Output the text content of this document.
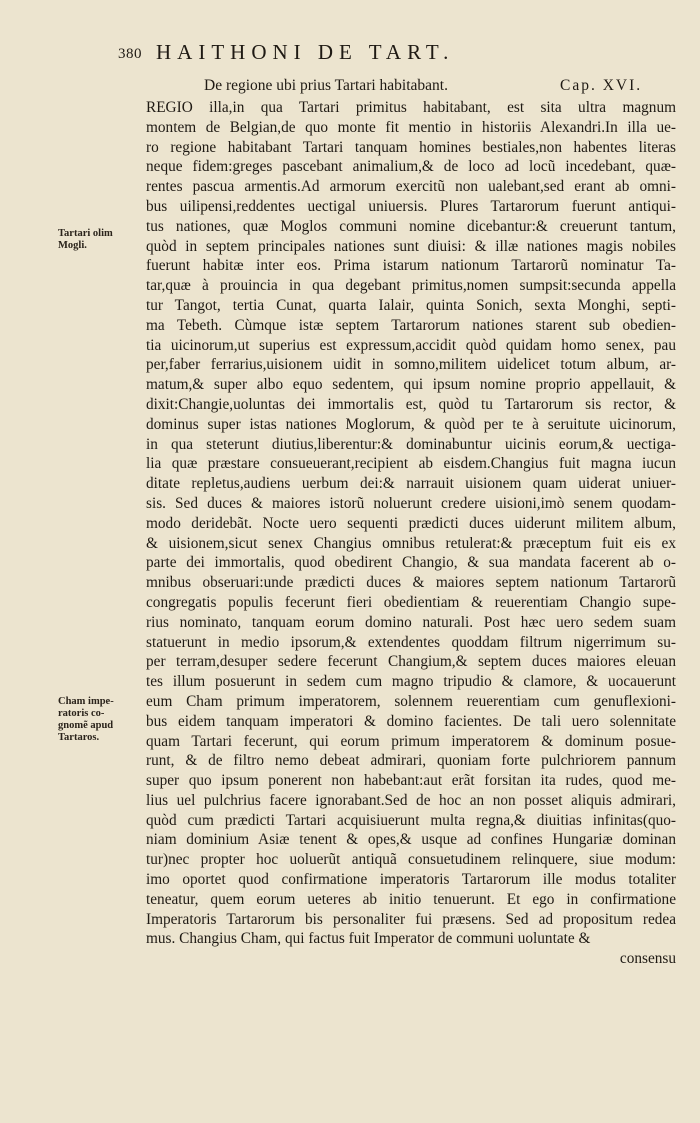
380 HAITHONI DE TART.
De regione ubi prius Tartari habitabant.	Cap. XVI.
Tartari olim
Mogli.
Cham impe-
ratoris co-
gnomẽ apud
Tartaros.
REGIO illa,in qua Tartari primitus habitabant, est sita ultra magnum
montem de Belgian,de quo monte fit mentio in historiis Alexandri.In illa ue-
ro regione habitabant Tartari tanquam homines bestiales,non habentes literas
neque fidem:greges pascebant animalium,& de loco ad locũ incedebant, quæ-
rentes pascua armentis.Ad armorum exercitũ non ualebant,sed erant ab omni-
bus uilipensi,reddentes uectigal uniuersis. Plures Tartarorum fuerunt antiqui-
tus nationes, quæ Moglos communi nomine dicebantur:& creuerunt tantum,
quòd in septem principales nationes sunt diuisi: & illæ nationes magis nobiles
fuerunt habitæ inter eos. Prima istarum nationum Tartarorũ nominatur Ta-
tar,quæ à prouincia in qua degebant primitus,nomen sumpsit:secunda appella
tur Tangot, tertia Cunat, quarta Ialair, quinta Sonich, sexta Monghi, septi-
ma Tebeth. Cùmque istæ septem Tartarorum nationes starent sub obedien-
tia uicinorum,ut superius est expressum,accidit quòd quidam homo senex, pau
per,faber ferrarius,uisionem uidit in somno,militem uidelicet totum album, ar-
matum,& super albo equo sedentem, qui ipsum nomine proprio appellauit, &
dixit:Changie,uoluntas dei immortalis est, quòd tu Tartarorum sis rector, &
dominus super istas nationes Moglorum, & quòd per te à seruitute uicinorum,
in qua steterunt diutius,liberentur:& dominabuntur uicinis eorum,& uectiga-
lia quæ præstare consueuerant,recipient ab eisdem.Changius fuit magna iucun
ditate repletus,audiens uerbum dei:& narrauit uisionem quam uiderat uniuer-
sis. Sed duces & maiores istorũ noluerunt credere uisioni,imò senem quodam-
modo deridebãt. Nocte uero sequenti prædicti duces uiderunt militem album,
& uisionem,sicut senex Changius omnibus retulerat:& præceptum fuit eis ex
parte dei immortalis, quod obedirent Changio, & sua mandata facerent ab o-
mnibus obseruari:unde prædicti duces & maiores septem nationum Tartarorũ
congregatis populis fecerunt fieri obedientiam & reuerentiam Changio supe-
rius nominato, tanquam eorum domino naturali. Post hæc uero sedem suam
statuerunt in medio ipsorum,& extendentes quoddam filtrum nigerrimum su-
per terram,desuper sedere fecerunt Changium,& septem duces maiores eleuan
tes illum posuerunt in sedem cum magno tripudio & clamore, & uocauerunt
eum Cham primum imperatorem, solennem reuerentiam cum genuflexioni-
bus eidem tanquam imperatori & domino facientes. De tali uero solennitate
quam Tartari fecerunt, qui eorum primum imperatorem & dominum posue-
runt, & de filtro nemo debeat admirari, quoniam forte pulchriorem pannum
super quo ipsum ponerent non habebant:aut erãt forsitan ita rudes, quod me-
lius uel pulchrius facere ignorabant.Sed de hoc an non posset aliquis admirari,
quòd cum prædicti Tartari acquisiuerunt multa regna,& diuitias infinitas(quo-
niam dominium Asiæ tenent & opes,& usque ad confines Hungariæ dominan
tur)nec propter hoc uoluerũt antiquã consuetudinem relinquere, siue modum:
imo oportet quod confirmatione imperatoris Tartarorum ille modus totaliter
teneatur, quem eorum ueteres ab initio tenuerunt. Et ego in confirmatione
Imperatoris Tartarorum bis personaliter fui præsens. Sed ad propositum redea
mus. Changius Cham, qui factus fuit Imperator de communi uoluntate &
consensu
